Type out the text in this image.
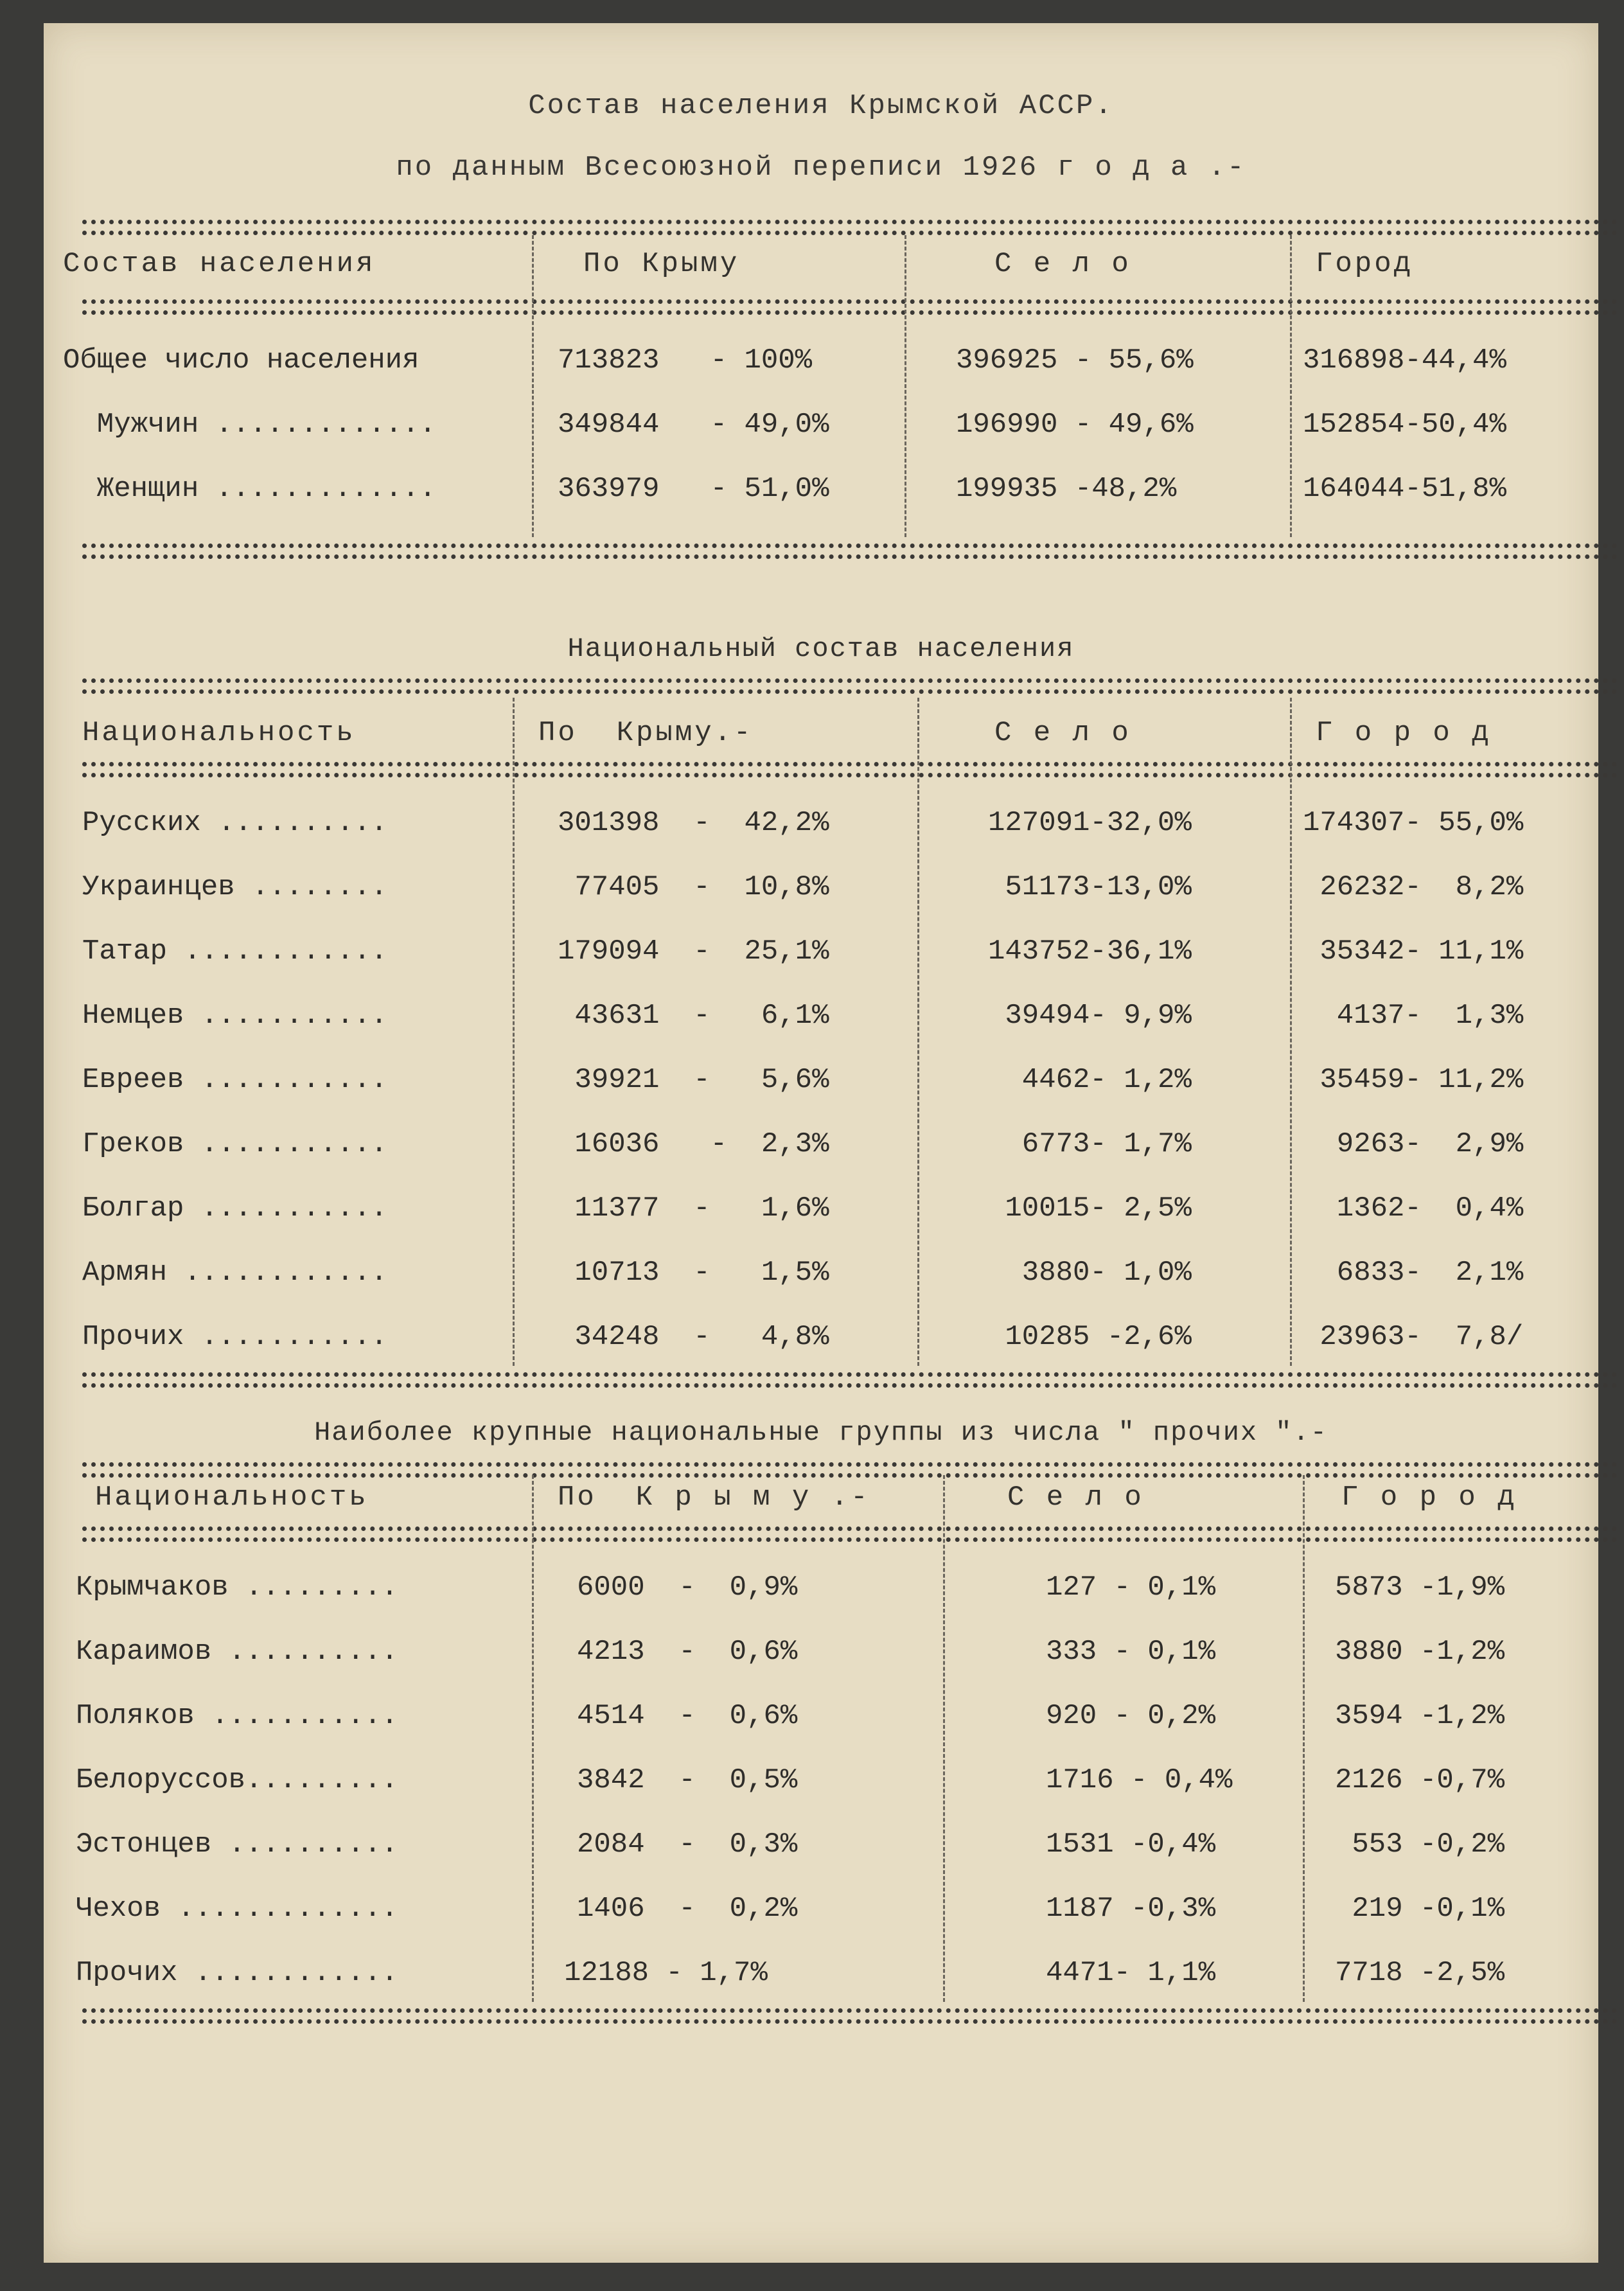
Состав населения Крымской АССР.
по данным Всесоюзной переписи 1926 г о д а .-
Состав населения	По Крыму	С е л о	Город
Общее число населения	713823   - 100%	396925 - 55,6%	316898-44,4%
Мужчин .............	349844   - 49,0%	196990 - 49,6%	152854-50,4%
Женщин .............	363979   - 51,0%	199935 -48,2%	164044-51,8%
Национальный состав населения
Национальность	По  Крыму.-	С е л о	Г о р о д
Русских ..........	301398  -  42,2%	127091-32,0%	174307- 55,0%
Украинцев ........	77405  -  10,8%	51173-13,0%	26232-  8,2%
Татар ............	179094  -  25,1%	143752-36,1%	35342- 11,1%
Немцев ...........	43631  -   6,1%	39494- 9,9%	4137-  1,3%
Евреев ...........	39921  -   5,6%	4462- 1,2%	35459- 11,2%
Греков ...........	16036   -  2,3%	6773- 1,7%	9263-  2,9%
Болгар ...........	11377  -   1,6%	10015- 2,5%	1362-  0,4%
Армян ............	10713  -   1,5%	3880- 1,0%	6833-  2,1%
Прочих ...........	34248  -   4,8%	10285 -2,6%	23963-  7,8/
Наиболее крупные национальные группы из числа " прочих ".-
Национальность	По  К р ы м у .-	С е л о	Г о р о д
Крымчаков .........	6000  -  0,9%	127 - 0,1%	5873 -1,9%
Караимов ..........	4213  -  0,6%	333 - 0,1%	3880 -1,2%
Поляков ...........	4514  -  0,6%	920 - 0,2%	3594 -1,2%
Белоруссов.........	3842  -  0,5%	1716 - 0,4%	2126 -0,7%
Эстонцев ..........	2084  -  0,3%	1531 -0,4%	553 -0,2%
Чехов .............	1406  -  0,2%	1187 -0,3%	219 -0,1%
Прочих ............	12188 - 1,7%	4471- 1,1%	7718 -2,5%
